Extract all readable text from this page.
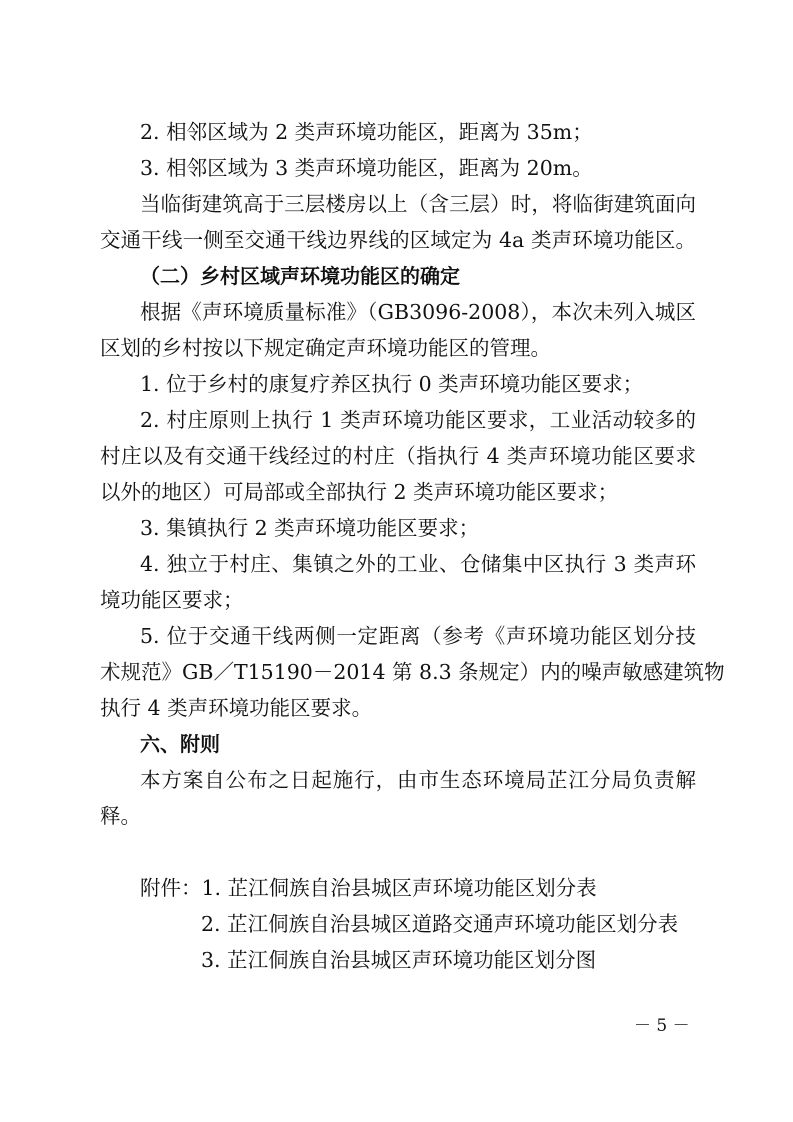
2. 相邻区域为 2 类声环境功能区，距离为 35m；
3. 相邻区域为 3 类声环境功能区，距离为 20m。
当临街建筑高于三层楼房以上（含三层）时，将临街建筑面向
交通干线一侧至交通干线边界线的区域定为 4a 类声环境功能区。
（二）乡村区域声环境功能区的确定
根据《声环境质量标准》（GB3096-2008），本次未列入城区
区划的乡村按以下规定确定声环境功能区的管理。
1. 位于乡村的康复疗养区执行 0 类声环境功能区要求；
2. 村庄原则上执行 1 类声环境功能区要求，工业活动较多的
村庄以及有交通干线经过的村庄（指执行 4 类声环境功能区要求
以外的地区）可局部或全部执行 2 类声环境功能区要求；
3. 集镇执行 2 类声环境功能区要求；
4. 独立于村庄、集镇之外的工业、仓储集中区执行 3 类声环
境功能区要求；
5. 位于交通干线两侧一定距离（参考《声环境功能区划分技
术规范》GB／T15190－2014 第 8.3 条规定）内的噪声敏感建筑物
执行 4 类声环境功能区要求。
六、附则
本方案自公布之日起施行，由市生态环境局芷江分局负责解
释。
附件：1. 芷江侗族自治县城区声环境功能区划分表
2. 芷江侗族自治县城区道路交通声环境功能区划分表
3. 芷江侗族自治县城区声环境功能区划分图
－ 5 －
